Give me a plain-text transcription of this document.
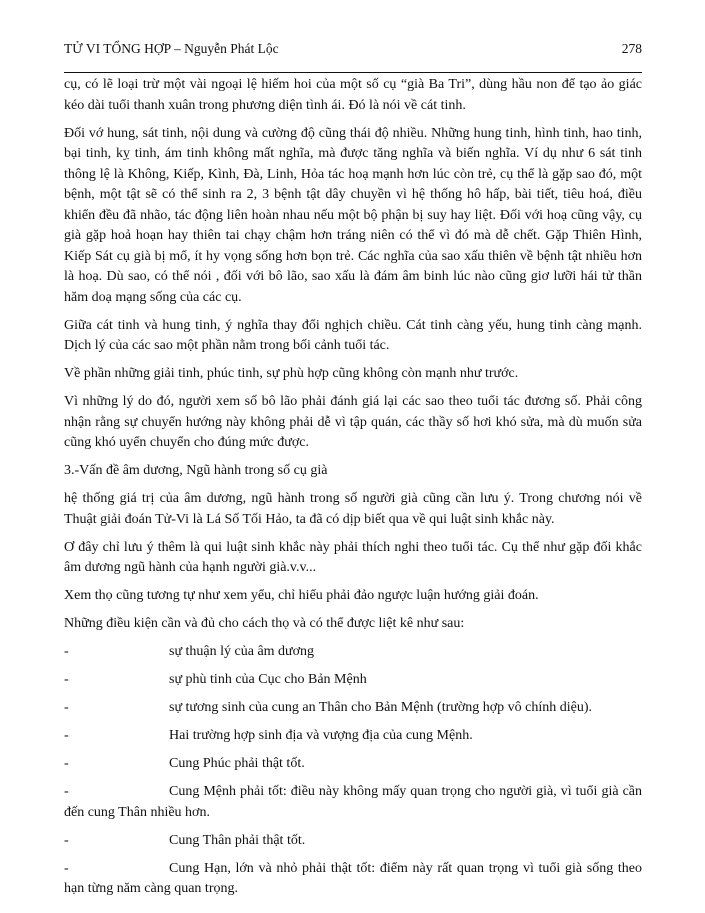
TỬ VI TỔNG HỢP – Nguyễn Phát Lộc	278

cụ, có lẽ loại trừ một vài ngoại lệ hiếm hoi của một số cụ “già Ba Tri”, dùng hầu non để tạo ảo giác kéo dài tuổi thanh xuân trong phương diện tình ái. Đó là nói về cát tinh.

Đối vớ hung, sát tinh, nội dung và cường độ cũng thái độ nhiều. Những hung tinh, hình tinh, hao tinh, bại tinh, kỵ tinh, ám tinh không mất nghĩa, mà được tăng nghĩa và biến nghĩa. Ví dụ như 6 sát tinh thông lệ là Không, Kiếp, Kình, Đà, Linh, Hỏa tác hoạ mạnh hơn lúc còn trẻ, cụ thể là gặp sao đó, một bệnh, một tật sẽ có thể sinh ra 2, 3 bệnh tật dây chuyền vì hệ thống hô hấp, bài tiết, tiêu hoá, điều khiển đều đã nhão, tác động liên hoàn nhau nếu một bộ phận bị suy hay liệt. Đối với hoạ cũng vậy, cụ già gặp hoả hoạn hay thiên tai chạy chậm hơn tráng niên có thể vì đó mà dễ chết. Gặp Thiên Hình, Kiếp Sát cụ già bị mổ, ít hy vọng sống hơn bọn trẻ. Các nghĩa của sao xấu thiên về bệnh tật nhiều hơn là hoạ. Dù sao, có thể nói , đối với bô lão, sao xấu là đám âm binh lúc nào cũng giơ lưỡi hái tử thần hăm doạ mạng sống của các cụ.

Giữa cát tinh và hung tinh, ý nghĩa thay đổi nghịch chiều. Cát tinh càng yếu, hung tinh càng mạnh. Dịch lý của các sao một phần nằm trong bối cảnh tuổi tác.

Về phần những giải tinh, phúc tinh, sự phù hợp cũng không còn mạnh như trước.

Vì những lý do đó, người xem số bô lão phải đánh giá lại các sao theo tuổi tác đương số. Phải công nhận rằng sự chuyển hướng này không phải dễ vì tập quán, các thầy số hơi khó sửa, mà dù muốn sửa cũng khó uyển chuyển cho đúng mức được.

3.-Vấn đề âm dương, Ngũ hành trong số cụ già

hệ thống giá trị của âm dương, ngũ hành trong số người già cũng cần lưu ý. Trong chương nói về Thuật giải đoán Tử-Vi là Lá Số Tối Hảo, ta đã có dịp biết qua về qui luật sinh khắc này.

Ơ đây chỉ lưu ý thêm là qui luật sinh khắc này phải thích nghi theo tuổi tác. Cụ thể như gặp đối khắc âm dương ngũ hành của hạnh người già.v.v...

Xem thọ cũng tương tự như xem yểu, chỉ hiểu phải đảo ngược luận hướng giải đoán.

Những điều kiện cần và đủ cho cách thọ và có thể được liệt kê như sau:

-	sự thuận lý của âm dương
-	sự phù tinh của Cục cho Bản Mệnh
-	sự tương sinh của cung an Thân cho Bản Mệnh (trường hợp vô chính diệu).
-	Hai trường hợp sinh địa và vượng địa của cung Mệnh.
-	Cung Phúc phải thật tốt.
-	Cung Mệnh phải tốt: điều này không mấy quan trọng cho người già, vì tuổi già cần đến cung Thân nhiều hơn.
-	Cung Thân phải thật tốt.
-	Cung Hạn, lớn và nhỏ phải thật tốt: điểm này rất quan trọng vì tuổi già sống theo hạn từng năm càng quan trọng.
